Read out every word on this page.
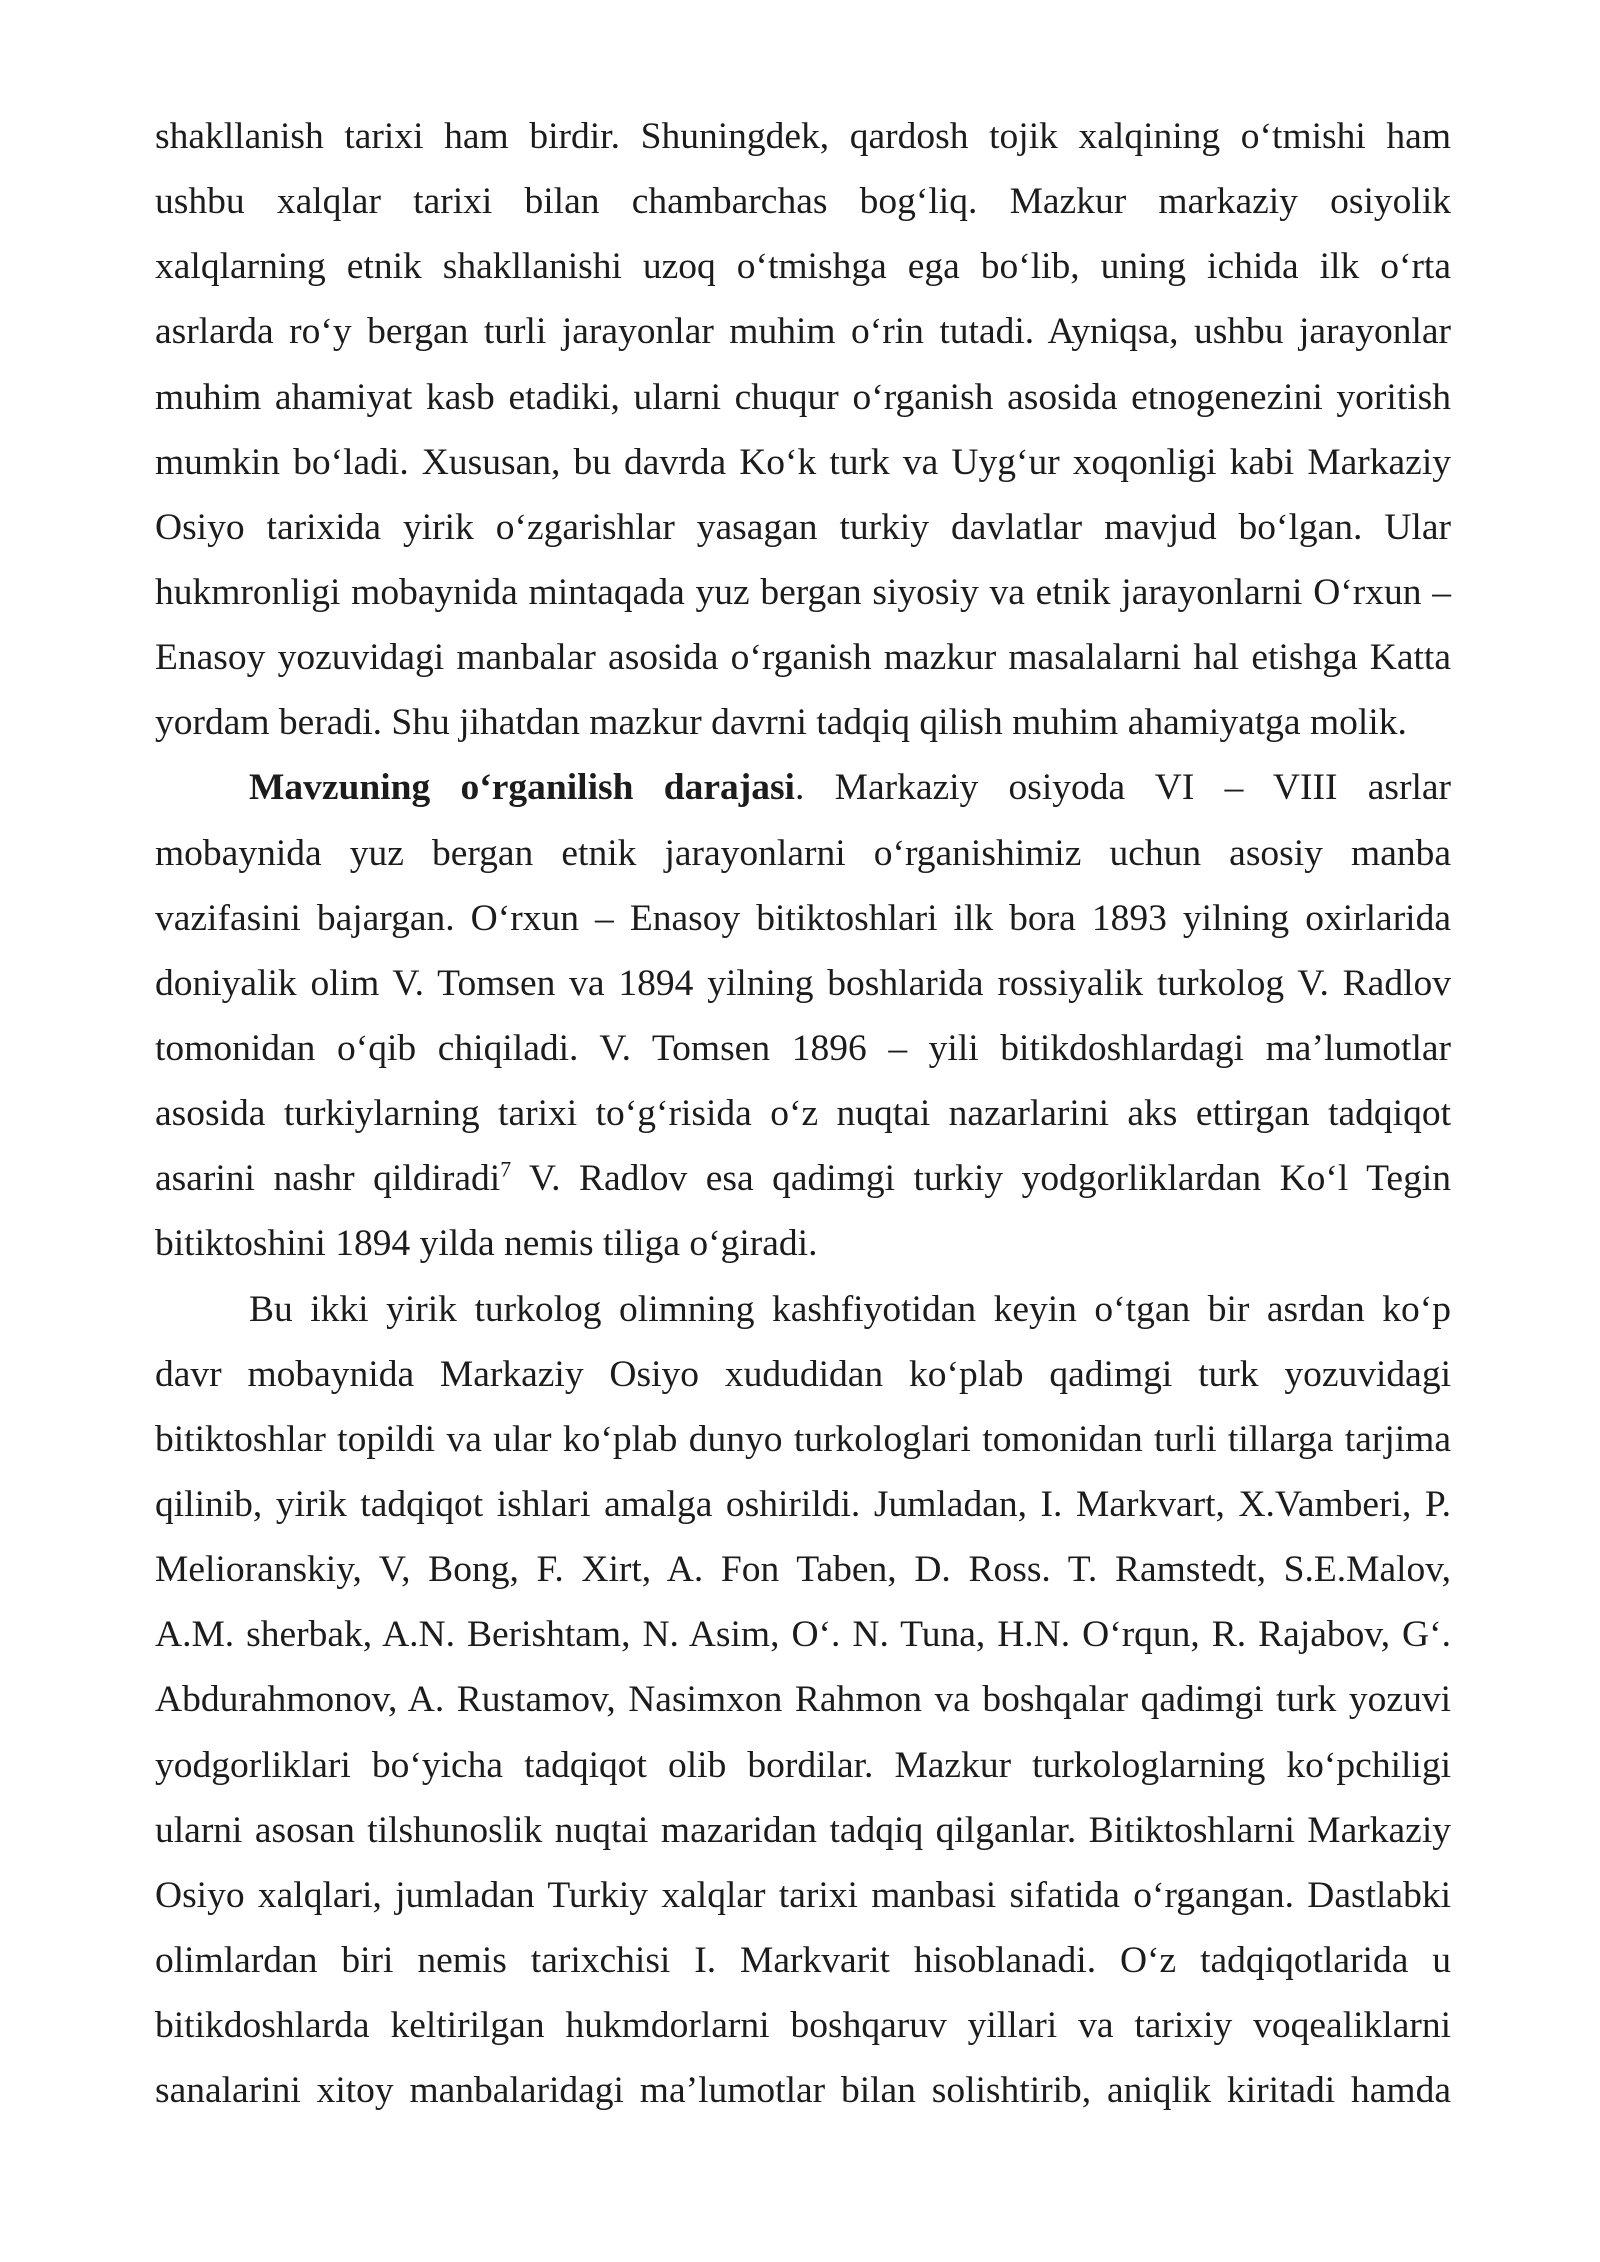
shakllanish tarixi ham birdir. Shuningdek, qardosh tojik xalqining o‘tmishi ham
ushbu xalqlar tarixi bilan chambarchas bog‘liq. Mazkur markaziy osiyolik
xalqlarning etnik shakllanishi uzoq o‘tmishga ega bo‘lib, uning ichida ilk o‘rta
asrlarda ro‘y bergan turli jarayonlar muhim o‘rin tutadi. Ayniqsa, ushbu jarayonlar
muhim ahamiyat kasb etadiki, ularni chuqur o‘rganish asosida etnogenezini yoritish
mumkin bo‘ladi. Xususan, bu davrda Ko‘k turk va Uyg‘ur xoqonligi kabi Markaziy
Osiyo tarixida yirik o‘zgarishlar yasagan turkiy davlatlar mavjud bo‘lgan. Ular
hukmronligi mobaynida mintaqada yuz bergan siyosiy va etnik jarayonlarni O‘rxun –
Enasoy yozuvidagi manbalar asosida o‘rganish mazkur masalalarni hal etishga Katta
yordam beradi. Shu jihatdan mazkur davrni tadqiq qilish muhim ahamiyatga molik.
Mavzuning o‘rganilish darajasi. Markaziy osiyoda VI – VIII asrlar
mobaynida yuz bergan etnik jarayonlarni o‘rganishimiz uchun asosiy manba
vazifasini bajargan. O‘rxun – Enasoy bitiktoshlari ilk bora 1893 yilning oxirlarida
doniyalik olim V. Tomsen va 1894 yilning boshlarida rossiyalik turkolog V. Radlov
tomonidan o‘qib chiqiladi. V. Tomsen 1896 – yili bitikdoshlardagi ma’lumotlar
asosida turkiylarning tarixi to‘g‘risida o‘z nuqtai nazarlarini aks ettirgan tadqiqot
asarini nashr qildiradi$^7$ V. Radlov esa qadimgi turkiy yodgorliklardan Ko‘l Tegin
bitiktoshini 1894 yilda nemis tiliga o‘giradi.
Bu ikki yirik turkolog olimning kashfiyotidan keyin o‘tgan bir asrdan ko‘p
davr mobaynida Markaziy Osiyo xududidan ko‘plab qadimgi turk yozuvidagi
bitiktoshlar topildi va ular ko‘plab dunyo turkologlari tomonidan turli tillarga tarjima
qilinib, yirik tadqiqot ishlari amalga oshirildi. Jumladan, I. Markvart, X.Vamberi, P.
Melioranskiy, V, Bong, F. Xirt, A. Fon Taben, D. Ross. T. Ramstedt, S.E.Malov,
A.M. sherbak, A.N. Berishtam, N. Asim, O‘. N. Tuna, H.N. O‘rqun, R. Rajabov, G‘.
Abdurahmonov, A. Rustamov, Nasimxon Rahmon va boshqalar qadimgi turk yozuvi
yodgorliklari bo‘yicha tadqiqot olib bordilar. Mazkur turkologlarning ko‘pchiligi
ularni asosan tilshunoslik nuqtai mazaridan tadqiq qilganlar. Bitiktoshlarni Markaziy
Osiyo xalqlari, jumladan Turkiy xalqlar tarixi manbasi sifatida o‘rgangan. Dastlabki
olimlardan biri nemis tarixchisi I. Markvarit hisoblanadi. O‘z tadqiqotlarida u
bitikdoshlarda keltirilgan hukmdorlarni boshqaruv yillari va tarixiy voqealiklarni
sanalarini xitoy manbalaridagi ma’lumotlar bilan solishtirib, aniqlik kiritadi hamda
